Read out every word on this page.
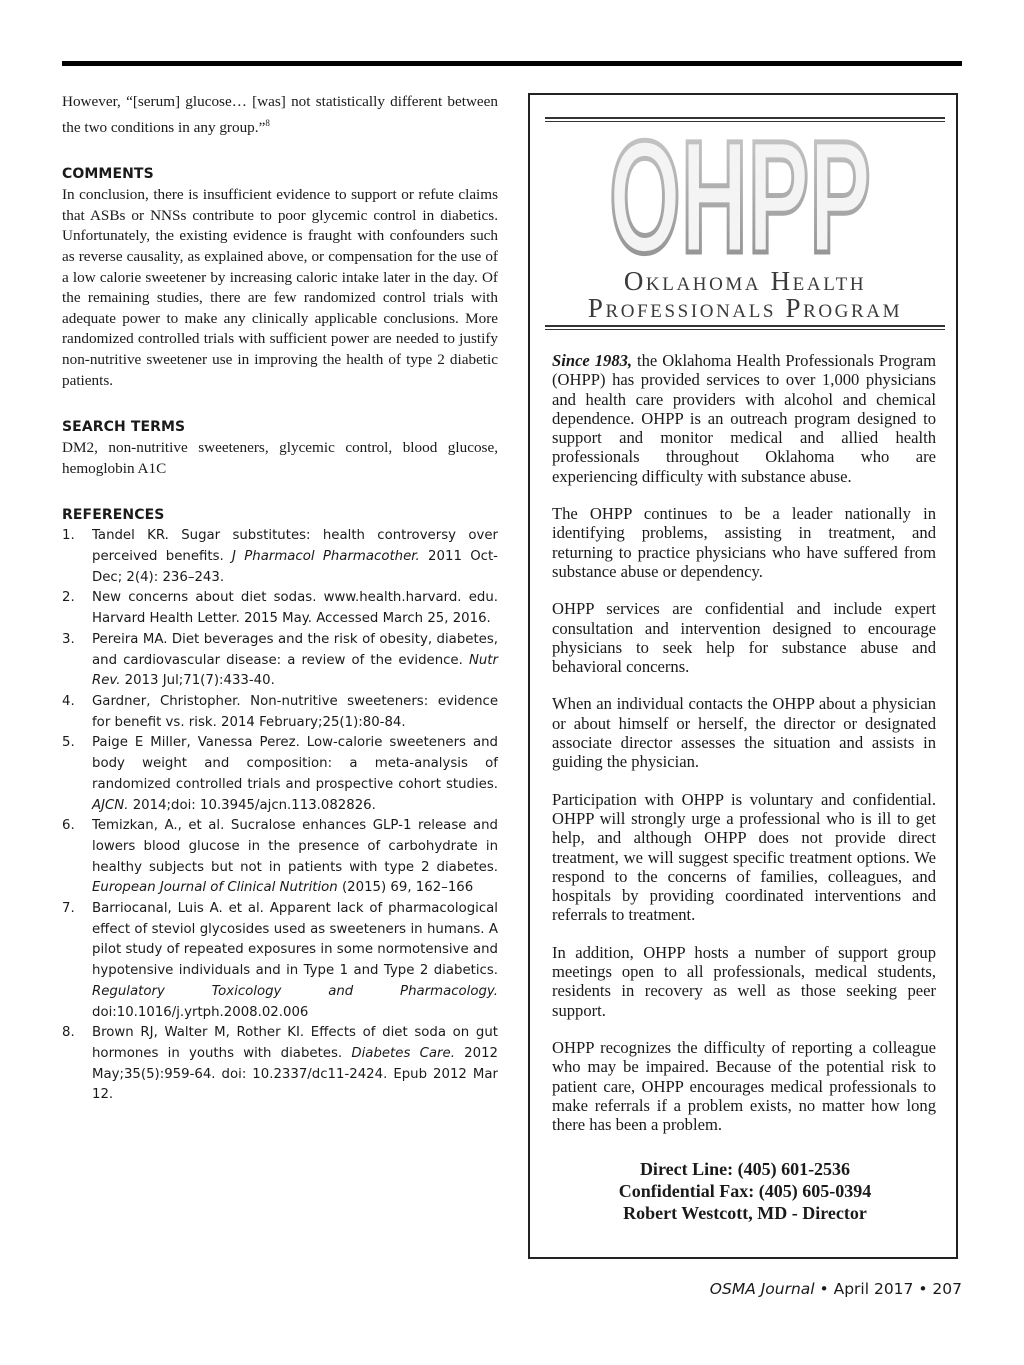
However, “[serum] glucose… [was] not statistically different between the two conditions in any group.”$^8$

COMMENTS

In conclusion, there is insufficient evidence to support or refute claims that ASBs or NNSs contribute to poor glycemic control in diabetics. Unfortunately, the existing evidence is fraught with confounders such as reverse causality, as explained above, or compensation for the use of a low calorie sweetener by increasing caloric intake later in the day. Of the remaining studies, there are few randomized control trials with adequate power to make any clinically applicable conclusions. More randomized controlled trials with sufficient power are needed to justify non-nutritive sweetener use in improving the health of type 2 diabetic patients.

SEARCH TERMS

DM2, non-nutritive sweeteners, glycemic control, blood glucose, hemoglobin A1C

REFERENCES
1. Tandel KR. Sugar substitutes: health controversy over perceived benefits. J Pharmacol Pharmacother. 2011 Oct-Dec; 2(4): 236–243.
2. New concerns about diet sodas. www.health.harvard. edu. Harvard Health Letter. 2015 May. Accessed March 25, 2016.
3. Pereira MA. Diet beverages and the risk of obesity, diabetes, and cardiovascular disease: a review of the evidence. Nutr Rev. 2013 Jul;71(7):433-40.
4. Gardner, Christopher. Non-nutritive sweeteners: evidence for benefit vs. risk. 2014 February;25(1):80-84.
5. Paige E Miller, Vanessa Perez. Low-calorie sweeteners and body weight and composition: a meta-analysis of randomized controlled trials and prospective cohort studies. AJCN. 2014;doi: 10.3945/ajcn.113.082826.
6. Temizkan, A., et al. Sucralose enhances GLP-1 release and lowers blood glucose in the presence of carbohydrate in healthy subjects but not in patients with type 2 diabetes. European Journal of Clinical Nutrition (2015) 69, 162–166
7. Barriocanal, Luis A. et al. Apparent lack of pharmacological effect of steviol glycosides used as sweeteners in humans. A pilot study of repeated exposures in some normotensive and hypotensive individuals and in Type 1 and Type 2 diabetics. Regulatory Toxicology and Pharmacology. doi:10.1016/j.yrtph.2008.02.006
8. Brown RJ, Walter M, Rother KI. Effects of diet soda on gut hormones in youths with diabetes. Diabetes Care. 2012 May;35(5):959-64. doi: 10.2337/dc11-2424. Epub 2012 Mar 12.
OHPP
Oklahoma Health
Professionals Program

Since 1983, the Oklahoma Health Professionals Program (OHPP) has provided services to over 1,000 physicians and health care providers with alcohol and chemical dependence. OHPP is an outreach program designed to support and monitor medical and allied health professionals throughout Oklahoma who are experiencing difficulty with substance abuse.

The OHPP continues to be a leader nationally in identifying problems, assisting in treatment, and returning to practice physicians who have suffered from substance abuse or dependency.

OHPP services are confidential and include expert consultation and intervention designed to encourage physicians to seek help for substance abuse and behavioral concerns.

When an individual contacts the OHPP about a physician or about himself or herself, the director or designated associate director assesses the situation and assists in guiding the physician.

Participation with OHPP is voluntary and confidential. OHPP will strongly urge a professional who is ill to get help, and although OHPP does not provide direct treatment, we will suggest specific treatment options. We respond to the concerns of families, colleagues, and hospitals by providing coordinated interventions and referrals to treatment.

In addition, OHPP hosts a number of support group meetings open to all professionals, medical students, residents in recovery as well as those seeking peer support.

OHPP recognizes the difficulty of reporting a colleague who may be impaired. Because of the potential risk to patient care, OHPP encourages medical professionals to make referrals if a problem exists, no matter how long there has been a problem.

Direct Line: (405) 601-2536
Confidential Fax: (405) 605-0394
Robert Westcott, MD - Director
OSMA Journal • April 2017 • 207
